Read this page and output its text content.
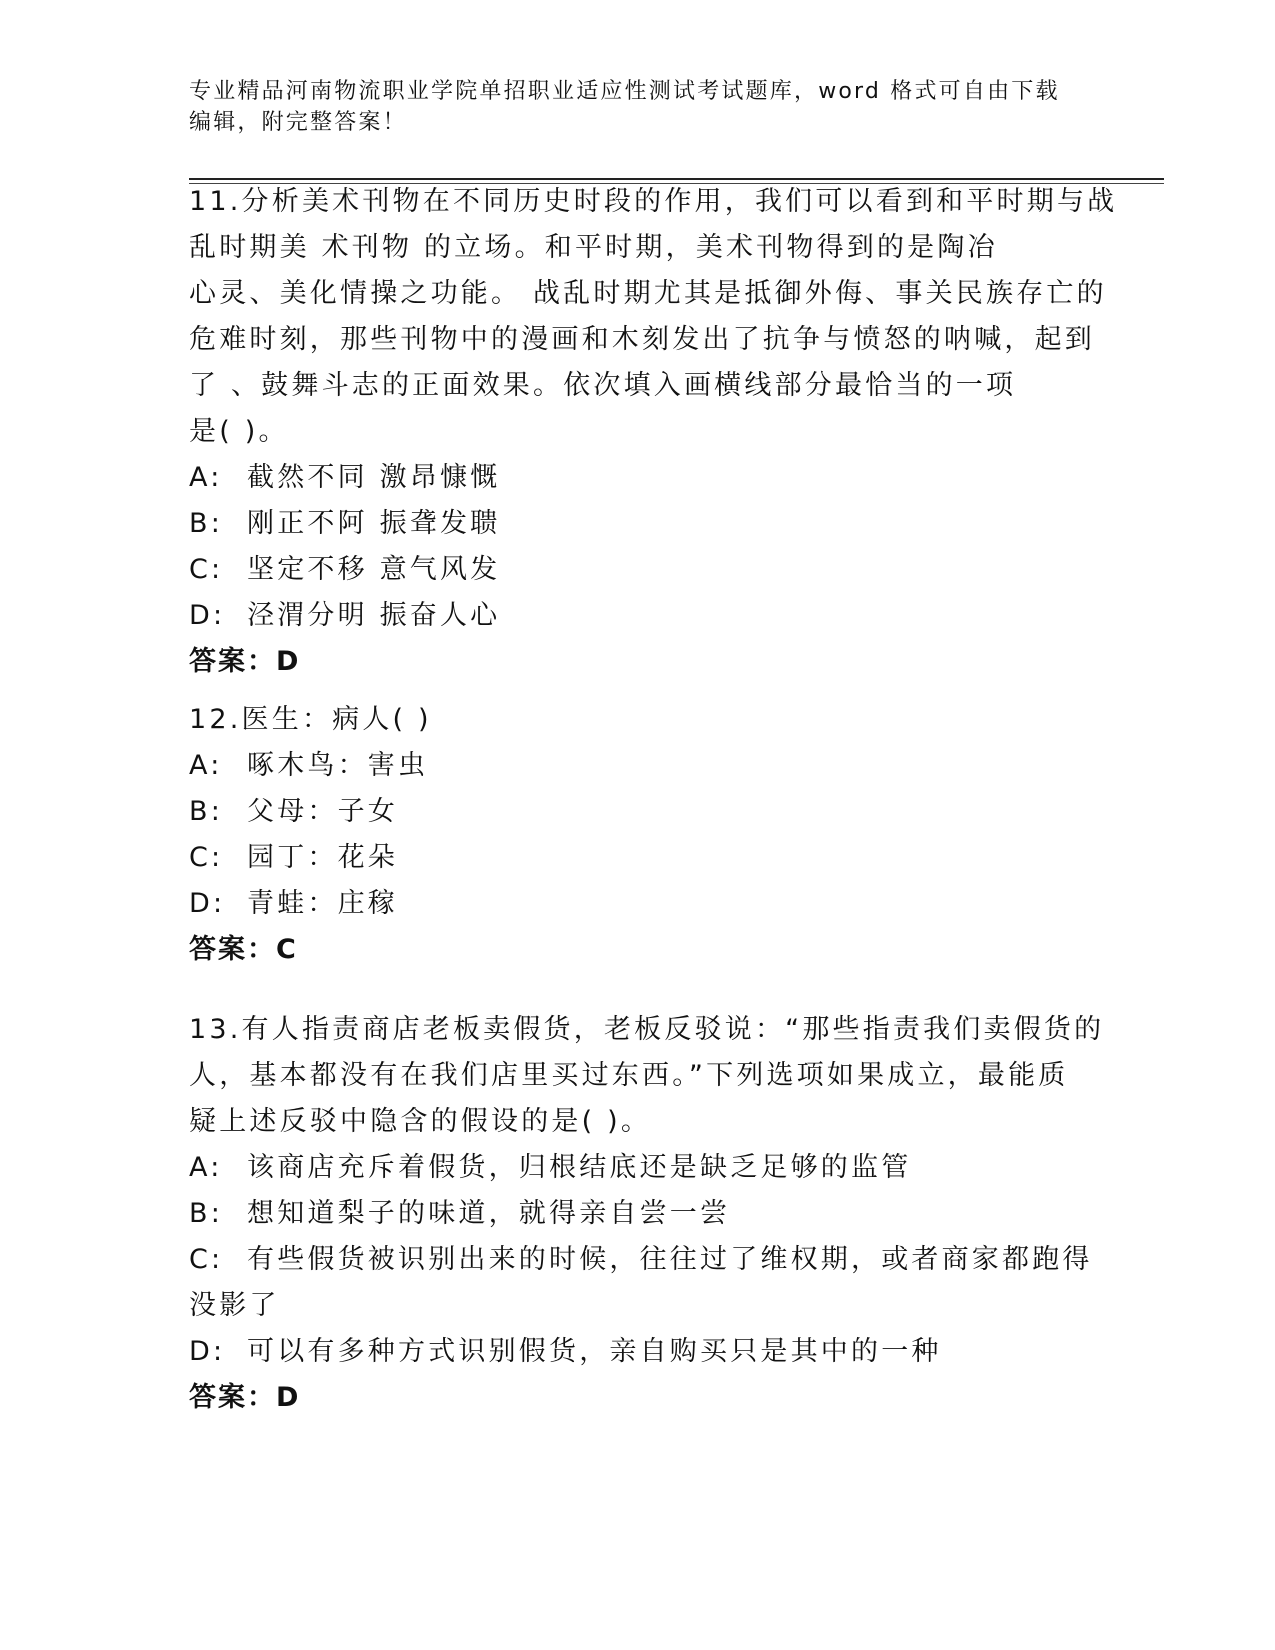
专业精品河南物流职业学院单招职业适应性测试考试题库，word 格式可自由下载
编辑，附完整答案！
11.分析美术刊物在不同历史时段的作用，我们可以看到和平时期与战
乱时期美 术刊物 的立场。和平时期，美术刊物得到的是陶冶
心灵、美化情操之功能。 战乱时期尤其是抵御外侮、事关民族存亡的
危难时刻，那些刊物中的漫画和木刻发出了抗争与愤怒的呐喊，起到
了 、鼓舞斗志的正面效果。依次填入画横线部分最恰当的一项
是( )。
A: 截然不同 激昂慷慨
B: 刚正不阿 振聋发聩
C: 坚定不移 意气风发
D: 泾渭分明 振奋人心
答案：D
12.医生：病人( )
A: 啄木鸟：害虫
B: 父母：子女
C: 园丁：花朵
D: 青蛙：庄稼
答案：C
13.有人指责商店老板卖假货，老板反驳说：“那些指责我们卖假货的
人，基本都没有在我们店里买过东西。”下列选项如果成立，最能质
疑上述反驳中隐含的假设的是( )。
A: 该商店充斥着假货，归根结底还是缺乏足够的监管
B: 想知道梨子的味道，就得亲自尝一尝
C: 有些假货被识别出来的时候，往往过了维权期，或者商家都跑得
没影了
D: 可以有多种方式识别假货，亲自购买只是其中的一种
答案：D
